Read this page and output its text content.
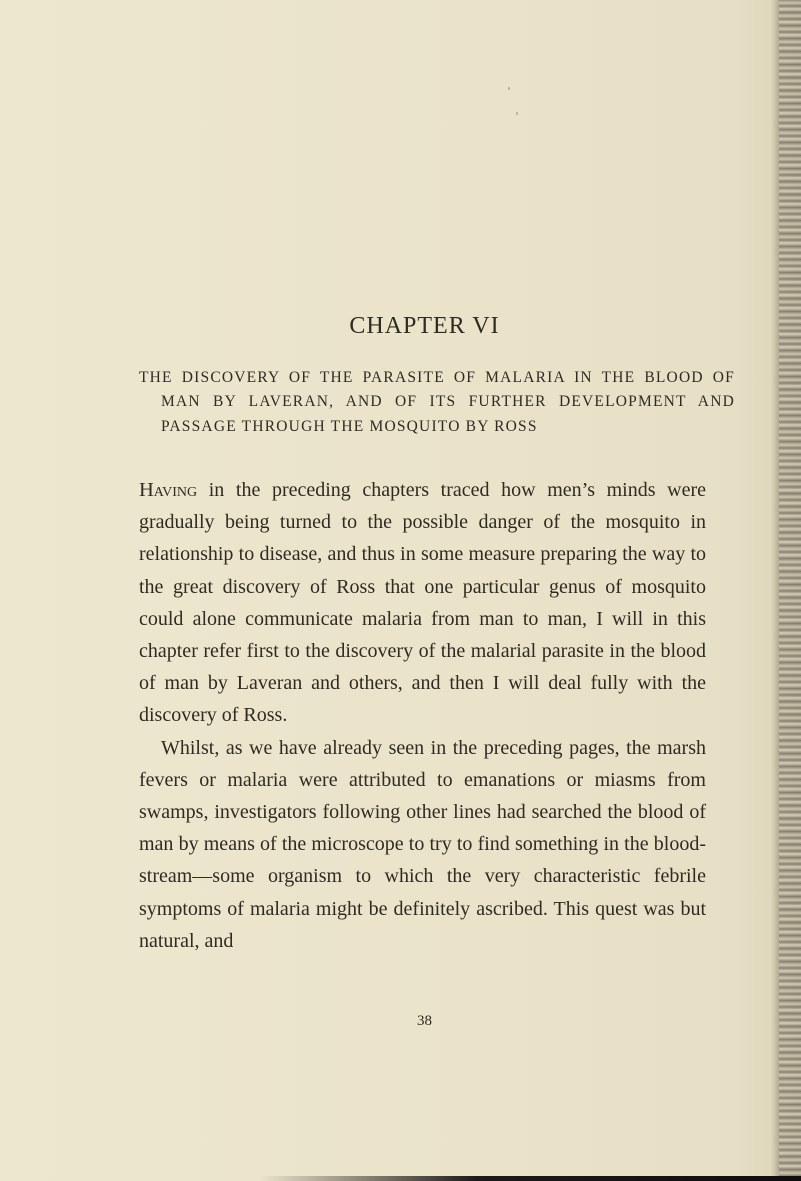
CHAPTER VI

THE DISCOVERY OF THE PARASITE OF MALARIA IN THE BLOOD OF MAN BY LAVERAN, AND OF ITS FURTHER DEVELOPMENT AND PASSAGE THROUGH THE MOSQUITO BY ROSS

Having in the preceding chapters traced how men’s minds were gradually being turned to the possible danger of the mosquito in relationship to disease, and thus in some measure preparing the way to the great discovery of Ross that one particular genus of mosquito could alone communicate malaria from man to man, I will in this chapter refer first to the discovery of the malarial parasite in the blood of man by Laveran and others, and then I will deal fully with the discovery of Ross.

Whilst, as we have already seen in the preceding pages, the marsh fevers or malaria were attributed to emanations or miasms from swamps, investigators following other lines had searched the blood of man by means of the microscope to try to find something in the blood-stream—some organism to which the very characteristic febrile symptoms of malaria might be definitely ascribed. This quest was but natural, and

38
